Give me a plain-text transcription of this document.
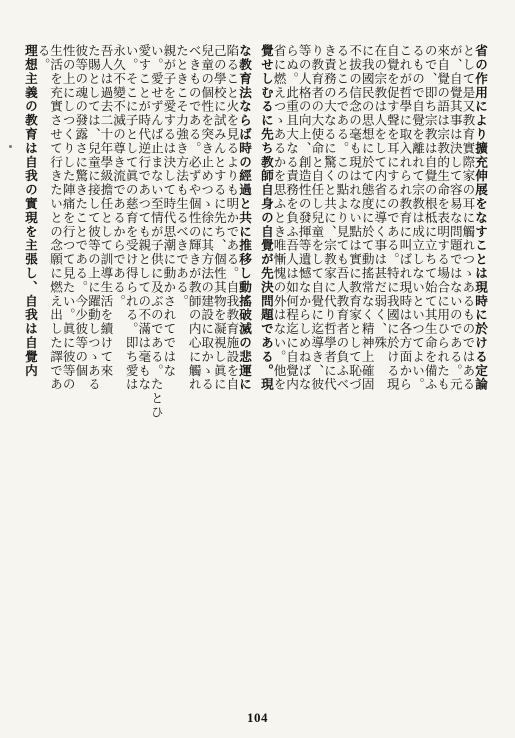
省の作用により擴充伸展をなすことは現時に於ける定論
として是又教育實際家の耳に觸れつゝあるものではある
が、自覺其事は決して容易な問題ではないのである。元
來自覺の語は宗教的生命を表明する場合に用ひられたも
ので、即ち宗教は自覺の根柢に立ちて始て其生命を備ふ
るもので自覺を離れて宗教は成立しないといつてよい。
これが哲學に取入れられ教育に叫ばれ現時は各方面から
自覺を促す聲を耳にするのである。特に我國に於ける現
在の宗教は人をして内省に導く事は甚だ弱く、殊
に我國民の思想に於て態度に於て動搖常なく精神上確固
不拔の信念の毫も現はれない點は實に教育家として恥づ
るところである。この點より見ても吾人教育者の負ふべ
き責務の大なるに驚くと共に、宗教家に代り哲學者に代
り教育者の大使命と自任し兒童をして自覺に迄導き、彼
等の人格の向上、創造性の發揮等遺憾なからしめねばな
らぬ。此重且大なる責務を負ふ吾人は如何程迄に自覺内
省に燃えつゝあるかを思ふとき唯慚愧の外はない。他を
覺せしむるに先ち教師自身の自覺が先決問題である。現
な教育法ならば時の經過と共に推移し動搖破滅の悲運に
陷ること火を見るよりも明かである。自我教育施設を自
己の學校に試みんとするに先ち、個性其物を凝視し眞に
兒童の個性を突き止めつゝ徐に其方法の建設に取かゝる
べきものである。必ずや個性の輝きが教師の内心に觸れ
たときこそ力強き方法も生るべきである。
親が子を愛するは決して時代思潮に動かされてではな
い。愛せずんば止まない至情が子供に及ぶのである。たとひ
愛すことが時代逆行であつても親としての不滿は毫もな
い。そこに子として眞の慈育を受け得られる。即ち愛は
永久不變不滅の尊き流であるからである。
吾人は過去二十年學級擔任として訓導生活を續けて來
た賜としては、兒童に接して彼等の上に躍動しつゝある
彼等の魂の發露さに驚きたことである。今少彼等の個
性の上にしつくりした陣痛を行つて見たい。眞に彼等の
生活を充實させて行きたいとの念願に燃え出した譯であ
る。
理想主義の教育は自我の實現を主張し、自我は自覺内
104
